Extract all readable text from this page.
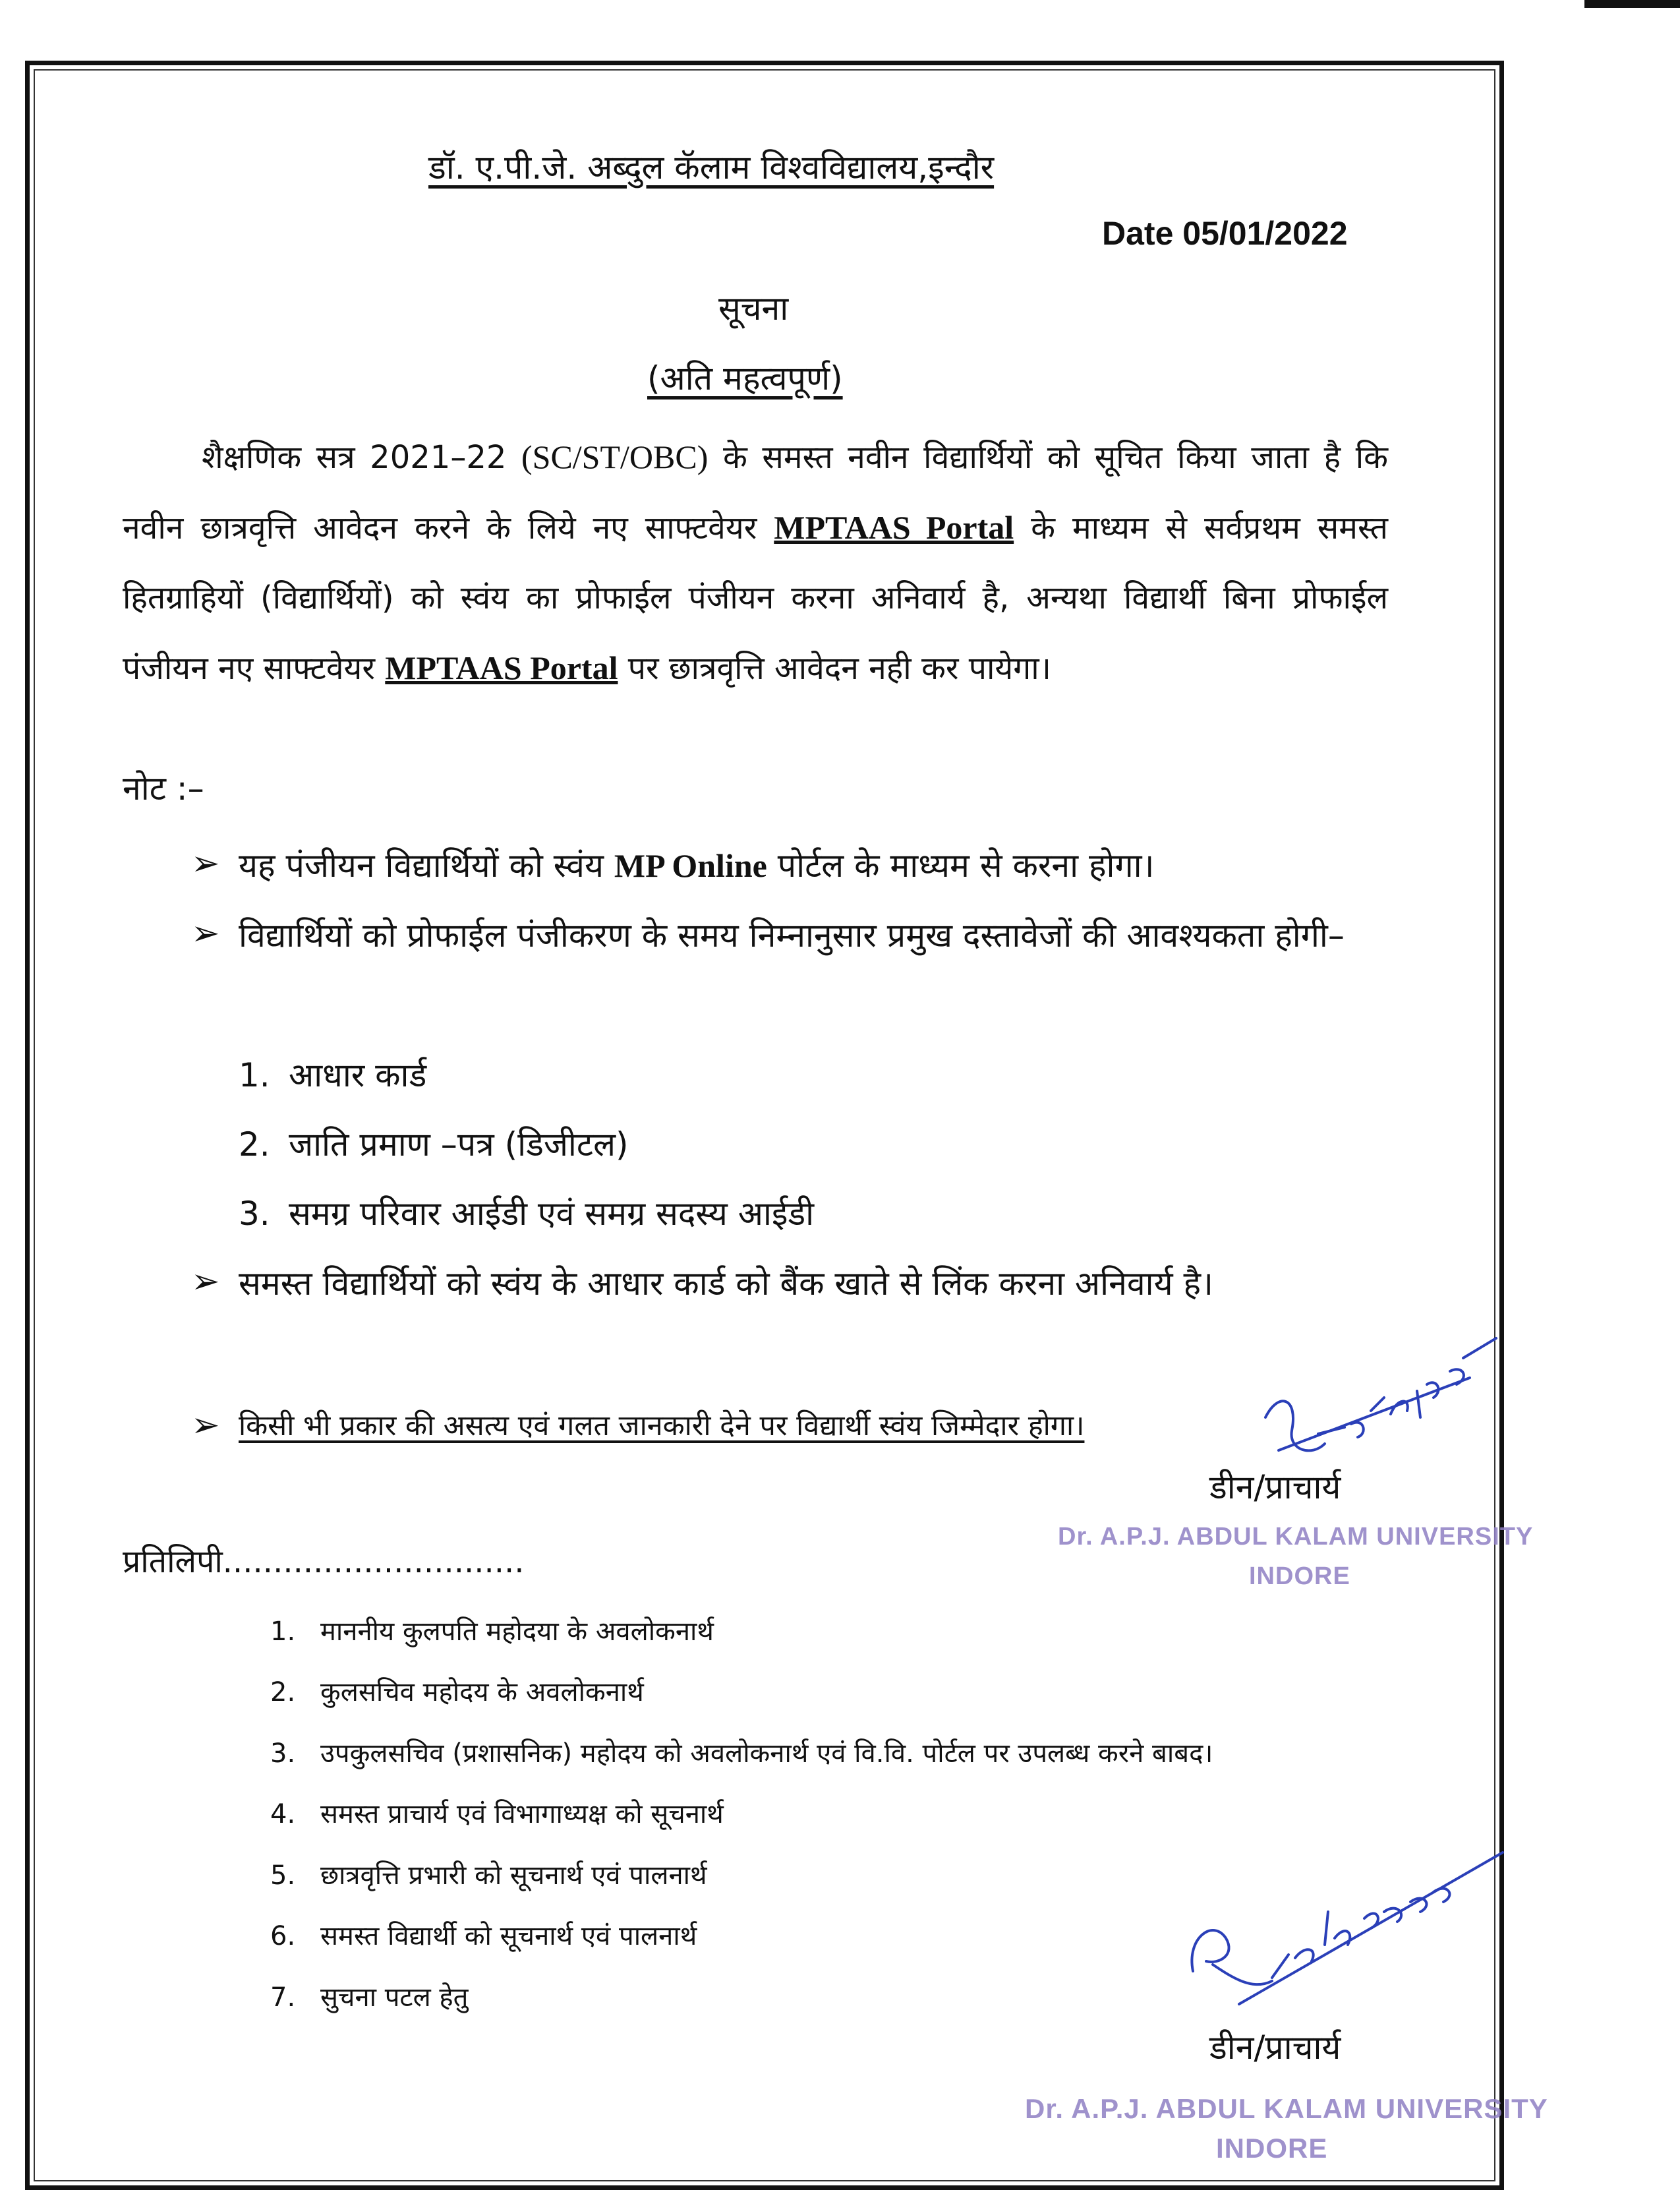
डॉ. ए.पी.जे. अब्दुल कॅलाम विश्वविद्यालय,इन्दौर
Date 05/01/2022
सूचना
(अति महत्वपूर्ण)
शैक्षणिक सत्र 2021–22 (SC/ST/OBC) के समस्त नवीन विद्यार्थियों को सूचित किया जाता है कि नवीन छात्रवृत्ति आवेदन करने के लिये नए साफ्टवेयर MPTAAS Portal के माध्यम से सर्वप्रथम समस्त हितग्राहियों (विद्यार्थियों) को स्वंय का प्रोफाईल पंजीयन करना अनिवार्य है, अन्यथा विद्यार्थी बिना प्रोफाईल पंजीयन नए साफ्टवेयर MPTAAS Portal पर छात्रवृत्ति आवेदन नही कर पायेगा।
नोट :–
➢ यह पंजीयन विद्यार्थियों को स्वंय MP Online पोर्टल के माध्यम से करना होगा।
➢ विद्यार्थियों को प्रोफाईल पंजीकरण के समय निम्नानुसार प्रमुख दस्तावेजों की आवश्यकता होगी–
1. आधार कार्ड
2. जाति प्रमाण –पत्र (डिजीटल)
3. समग्र परिवार आईडी एवं समग्र सदस्य आईडी
➢ समस्त विद्यार्थियों को स्वंय के आधार कार्ड को बैंक खाते से लिंक करना अनिवार्य है।
➢ किसी भी प्रकार की असत्य एवं गलत जानकारी देने पर विद्यार्थी स्वंय जिम्मेदार होगा।
डीन/प्राचार्य
Dr. A.P.J. ABDUL KALAM UNIVERSITY
INDORE
प्रतिलिपी..............................
1. माननीय कुलपति महोदया के अवलोकनार्थ
2. कुलसचिव महोदय के अवलोकनार्थ
3. उपकुलसचिव (प्रशासनिक) महोदय को अवलोकनार्थ एवं वि.वि. पोर्टल पर उपलब्ध करने बाबद।
4. समस्त प्राचार्य एवं विभागाध्यक्ष को सूचनार्थ
5. छात्रवृत्ति प्रभारी को सूचनार्थ एवं पालनार्थ
6. समस्त विद्यार्थी को सूचनार्थ एवं पालनार्थ
7. सुचना पटल हेतु
डीन/प्राचार्य
Dr. A.P.J. ABDUL KALAM UNIVERSITY
INDORE
